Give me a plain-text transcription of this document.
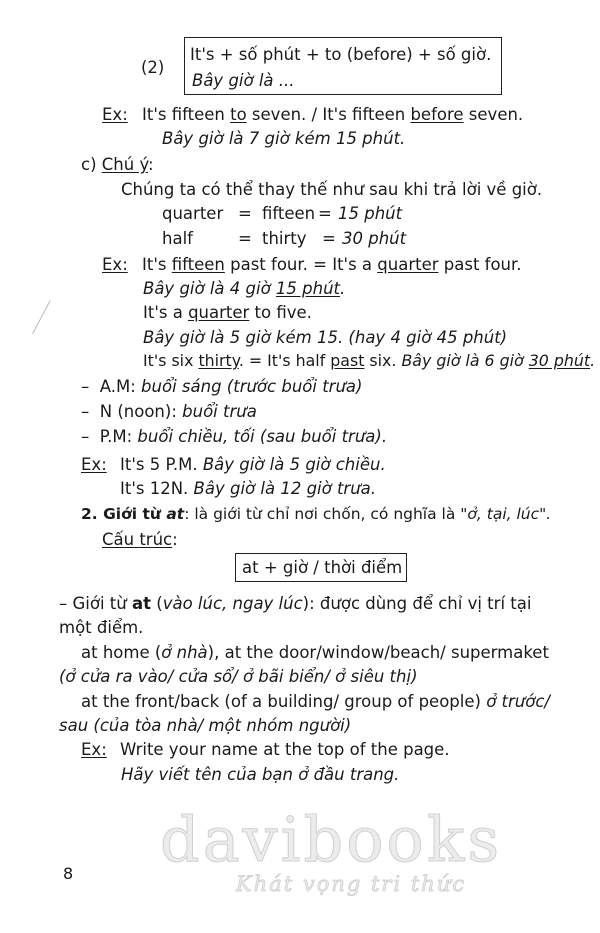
(2)
It's + số phút + to (before) + số giờ.
Bây giờ là ...
Ex: It's fifteen to seven. / It's fifteen before seven.
Bây giờ là 7 giờ kém 15 phút.
c) Chú ý:
Chúng ta có thể thay thế như sau khi trả lời về giờ.
quarter = fifteen = 15 phút
half	= thirty = 30 phút
Ex: It's fifteen past four. = It's a quarter past four.
Bây giờ là 4 giờ 15 phút.
It's a quarter to five.
Bây giờ là 5 giờ kém 15. (hay 4 giờ 45 phút)
It's six thirty. = It's half past six. Bây giờ là 6 giờ 30 phút.
– A.M: buổi sáng (trước buổi trưa)
– N (noon): buổi trưa
– P.M: buổi chiều, tối (sau buổi trưa).
Ex: It's 5 P.M. Bây giờ là 5 giờ chiều.
It's 12N. Bây giờ là 12 giờ trưa.
2. Giới từ at: là giới từ chỉ nơi chốn, có nghĩa là "ở, tại, lúc".
Cấu trúc:
at + giờ / thời điểm
– Giới từ at (vào lúc, ngay lúc): được dùng để chỉ vị trí tại
một điểm.
at home (ở nhà), at the door/window/beach/ supermaket
(ở cửa ra vào/ cửa sổ/ ở bãi biển/ ở siêu thị)
at the front/back (of a building/ group of people) ở trước/
sau (của tòa nhà/ một nhóm người)
Ex: Write your name at the top of the page.
Hãy viết tên của bạn ở đầu trang.
davibooks
Khát vọng tri thức
8
